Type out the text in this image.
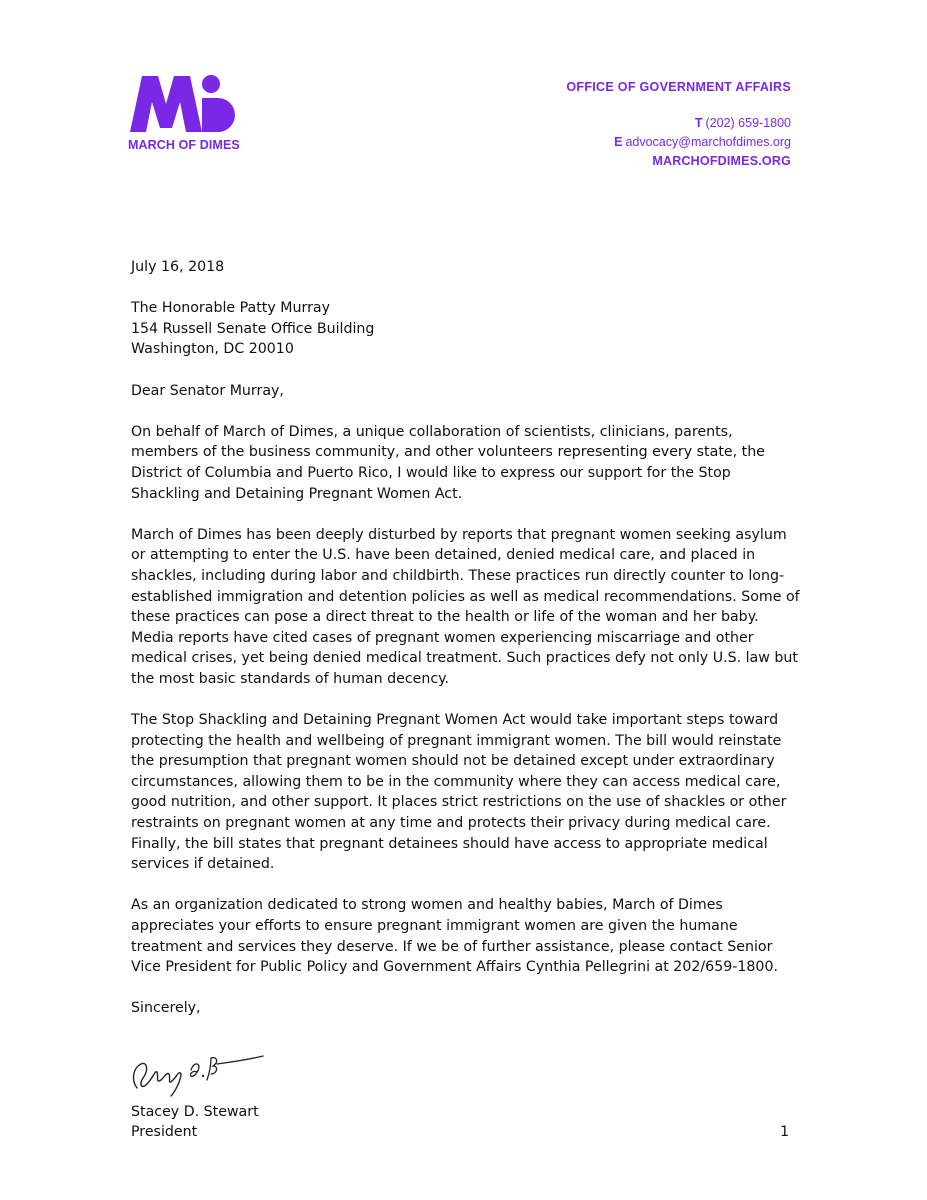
MARCH OF DIMES
OFFICE OF GOVERNMENT AFFAIRS
T (202) 659-1800
E advocacy@marchofdimes.org
MARCHOFDIMES.ORG

July 16, 2018

The Honorable Patty Murray
154 Russell Senate Office Building
Washington, DC 20010

Dear Senator Murray,

On behalf of March of Dimes, a unique collaboration of scientists, clinicians, parents, members of the business community, and other volunteers representing every state, the District of Columbia and Puerto Rico, I would like to express our support for the Stop Shackling and Detaining Pregnant Women Act.

March of Dimes has been deeply disturbed by reports that pregnant women seeking asylum or attempting to enter the U.S. have been detained, denied medical care, and placed in shackles, including during labor and childbirth. These practices run directly counter to long-established immigration and detention policies as well as medical recommendations. Some of these practices can pose a direct threat to the health or life of the woman and her baby. Media reports have cited cases of pregnant women experiencing miscarriage and other medical crises, yet being denied medical treatment. Such practices defy not only U.S. law but the most basic standards of human decency.

The Stop Shackling and Detaining Pregnant Women Act would take important steps toward protecting the health and wellbeing of pregnant immigrant women. The bill would reinstate the presumption that pregnant women should not be detained except under extraordinary circumstances, allowing them to be in the community where they can access medical care, good nutrition, and other support. It places strict restrictions on the use of shackles or other restraints on pregnant women at any time and protects their privacy during medical care. Finally, the bill states that pregnant detainees should have access to appropriate medical services if detained.

As an organization dedicated to strong women and healthy babies, March of Dimes appreciates your efforts to ensure pregnant immigrant women are given the humane treatment and services they deserve. If we be of further assistance, please contact Senior Vice President for Public Policy and Government Affairs Cynthia Pellegrini at 202/659-1800.

Sincerely,

Stacey D. Stewart
President	1
